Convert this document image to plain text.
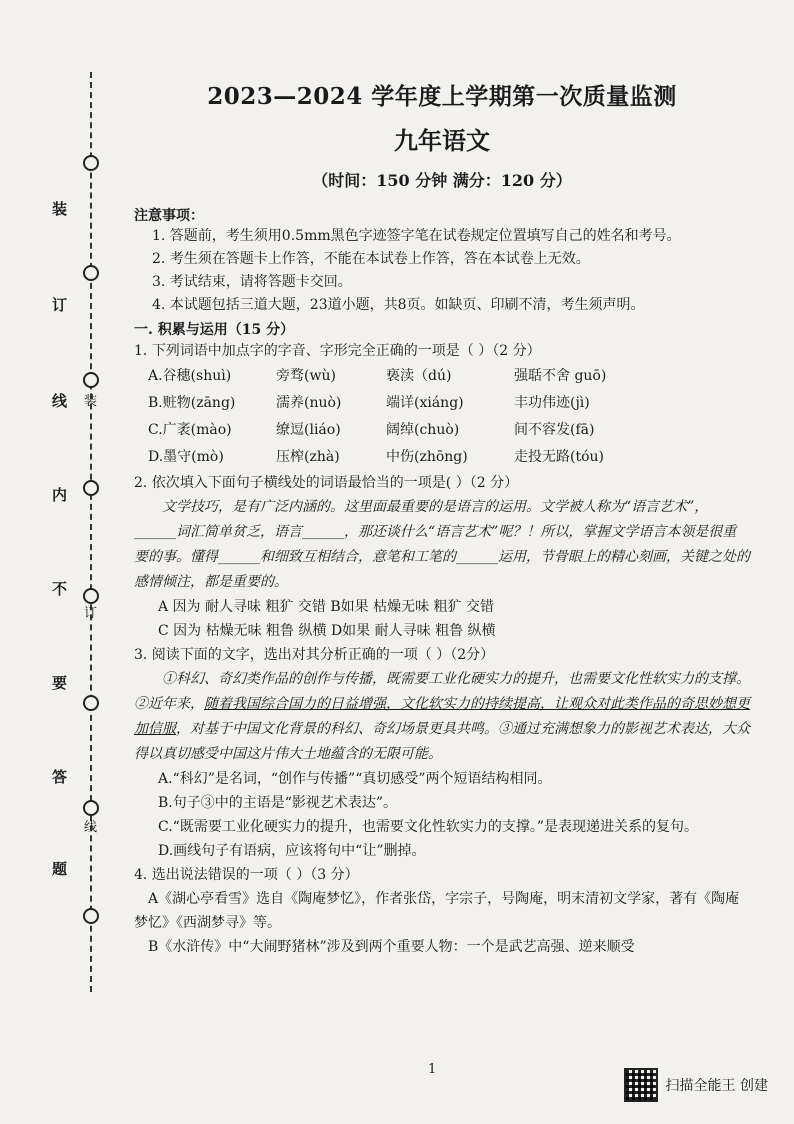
装
订
线
内
不
要
答
题
装
订
线
2023—2024 学年度上学期第一次质量监测
九年语文
（时间：150 分钟 满分：120 分）
注意事项：
1. 答题前，考生须用0.5mm黑色字迹签字笔在试卷规定位置填写自己的姓名和考号。
2. 考生须在答题卡上作答，不能在本试卷上作答，答在本试卷上无效。
3. 考试结束，请将答题卡交回。
4. 本试题包括三道大题，23道小题，共8页。如缺页、印刷不清，考生须声明。
一. 积累与运用（15 分）
1. 下列词语中加点字的字音、字形完全正确的一项是（ ）（2 分）
A.谷穗(shuì)	旁骛(wù)	亵渎（dú)	强聒不舍 guō)
B.赃物(zāng)	濡养(nuò)	端详(xiáng)	丰功伟迹(jì)
C.广袤(mào)	缭逗(liáo)	阔绰(chuò)	间不容发(fā)
D.墨守(mò)	压榨(zhà)	中伤(zhōng)	走投无路(tóu)
2. 依次填入下面句子横线处的词语最恰当的一项是( ）（2 分）
文学技巧，是有广泛内涵的。这里面最重要的是语言的运用。文学被人称为“语言艺术”，______词汇简单贫乏，语言______，那还谈什么“语言艺术”呢？！所以，掌握文学语言本领是很重要的事。懂得______和细致互相结合，意笔和工笔的______运用，节骨眼上的精心刻画，关键之处的感情倾注，都是重要的。
A 因为 耐人寻味 粗犷 交错 B如果 枯燥无味 粗犷 交错
C 因为 枯燥无味 粗鲁 纵横 D如果 耐人寻味 粗鲁 纵横
3. 阅读下面的文字，选出对其分析正确的一项（ ）（2分）
①科幻、奇幻类作品的创作与传播，既需要工业化硬实力的提升，也需要文化性软实力的支撑。②近年来，随着我国综合国力的日益增强，文化软实力的持续提高，让观众对此类作品的奇思妙想更加信服，对基于中国文化背景的科幻、奇幻场景更具共鸣。③通过充满想象力的影视艺术表达，大众得以真切感受中国这片伟大土地蕴含的无限可能。
A.“科幻”是名词，“创作与传播”“真切感受”两个短语结构相同。
B.句子③中的主语是“影视艺术表达”。
C.“既需要工业化硬实力的提升，也需要文化性软实力的支撑。”是表现递进关系的复句。
D.画线句子有语病，应该将句中“让”删掉。
4. 选出说法错误的一项（ ）（3 分）
A《湖心亭看雪》选自《陶庵梦忆》，作者张岱，字宗子，号陶庵，明末清初文学家，著有《陶庵梦忆》《西湖梦寻》等。
B《水浒传》中“大闹野猪林”涉及到两个重要人物：一个是武艺高强、逆来顺受
1
扫描全能王 创建
